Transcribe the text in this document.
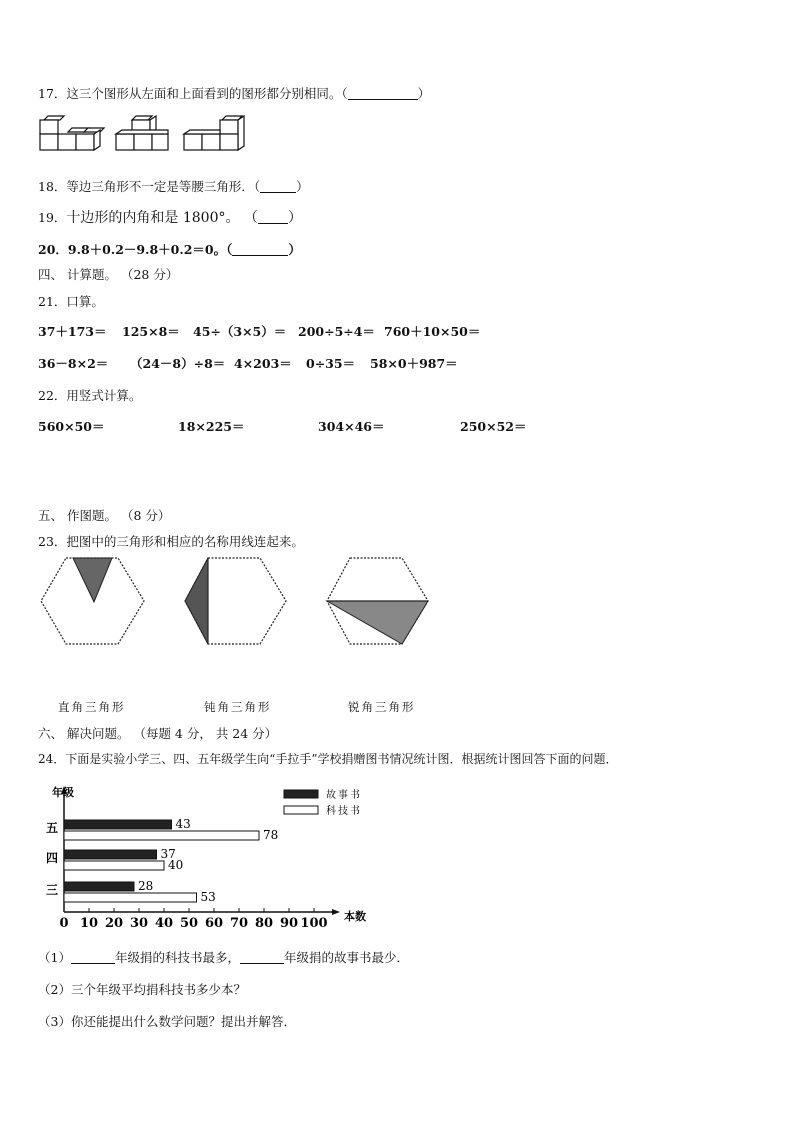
17．这三个图形从左面和上面看到的图形都分别相同。（	）
18．等边三角形不一定是等腰三角形．（	）
19．十边形的内角和是 1800°。 （ ）
20．9.8＋0.2－9.8＋0.2＝0。（	）
四、 计算题。 （28 分）
21．口算。
37＋173＝ 125×8＝ 45÷（3×5）＝ 200÷5÷4＝ 760＋10×50＝
36－8×2＝ （24－8）÷8＝ 4×203＝ 0÷35＝ 58×0＋987＝
22．用竖式计算。
560×50＝	18×225＝	304×46＝	250×52＝
五、 作图题。 （8 分）
23．把图中的三角形和相应的名称用线连起来。
直角三角形	钝角三角形	锐角三角形
六、 解决问题。 （每题 4 分， 共 24 分）
24．下面是实验小学三、四、五年级学生向“手拉手”学校捐赠图书情况统计图．根据统计图回答下面的问题．
年级
本数
0 10 20 30 40 50 60 70 80 90 100
五	43
78
四	37
40
三	28
53
故事书
科技书
（1）	年级捐的科技书最多，	年级捐的故事书最少．
（2）三个年级平均捐科技书多少本？
（3）你还能提出什么数学问题？提出并解答．
